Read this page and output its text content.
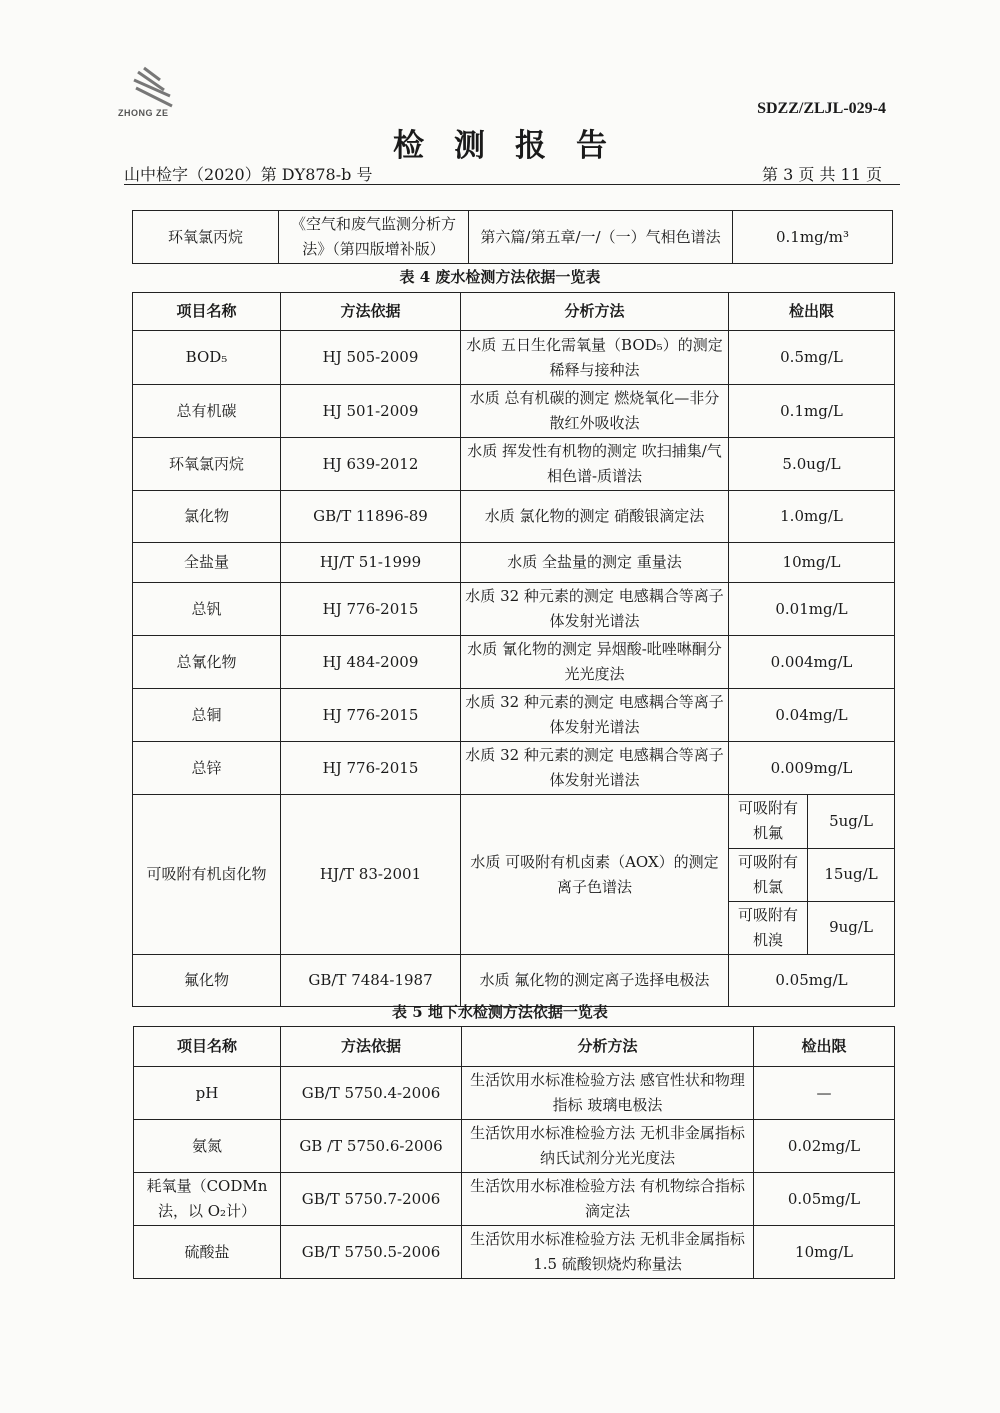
ZHONG ZE	SDZZ/ZLJL-029-4
检测报告
山中检字（2020）第 DY878-b 号	第 3 页 共 11 页
环氧氯丙烷	《空气和废气监测分析方法》（第四版增补版）	第六篇/第五章/一/（一）气相色谱法	0.1mg/m³
表 4 废水检测方法依据一览表
项目名称	方法依据	分析方法	检出限
BOD₅	HJ 505-2009	水质 五日生化需氧量（BOD₅）的测定 稀释与接种法	0.5mg/L
总有机碳	HJ 501-2009	水质 总有机碳的测定 燃烧氧化—非分散红外吸收法	0.1mg/L
环氧氯丙烷	HJ 639-2012	水质 挥发性有机物的测定 吹扫捕集/气相色谱-质谱法	5.0ug/L
氯化物	GB/T 11896-89	水质 氯化物的测定 硝酸银滴定法	1.0mg/L
全盐量	HJ/T 51-1999	水质 全盐量的测定 重量法	10mg/L
总钒	HJ 776-2015	水质 32 种元素的测定 电感耦合等离子体发射光谱法	0.01mg/L
总氰化物	HJ 484-2009	水质 氰化物的测定 异烟酸-吡唑啉酮分光光度法	0.004mg/L
总铜	HJ 776-2015	水质 32 种元素的测定 电感耦合等离子体发射光谱法	0.04mg/L
总锌	HJ 776-2015	水质 32 种元素的测定 电感耦合等离子体发射光谱法	0.009mg/L
可吸附有机卤化物	HJ/T 83-2001	水质 可吸附有机卤素（AOX）的测定 离子色谱法	
可吸附有机氟	5ug/L
可吸附有机氯	15ug/L
可吸附有机溴	9ug/L

氟化物	GB/T 7484-1987	水质 氟化物的测定离子选择电极法	0.05mg/L
表 5 地下水检测方法依据一览表
项目名称	方法依据	分析方法	检出限
pH	GB/T 5750.4-2006	生活饮用水标准检验方法 感官性状和物理指标 玻璃电极法	—
氨氮	GB /T 5750.6-2006	生活饮用水标准检验方法 无机非金属指标 纳氏试剂分光光度法	0.02mg/L
耗氧量（CODMn法，以 O₂计）	GB/T 5750.7-2006	生活饮用水标准检验方法 有机物综合指标 滴定法	0.05mg/L
硫酸盐	GB/T 5750.5-2006	生活饮用水标准检验方法 无机非金属指标 1.5 硫酸钡烧灼称量法	10mg/L
